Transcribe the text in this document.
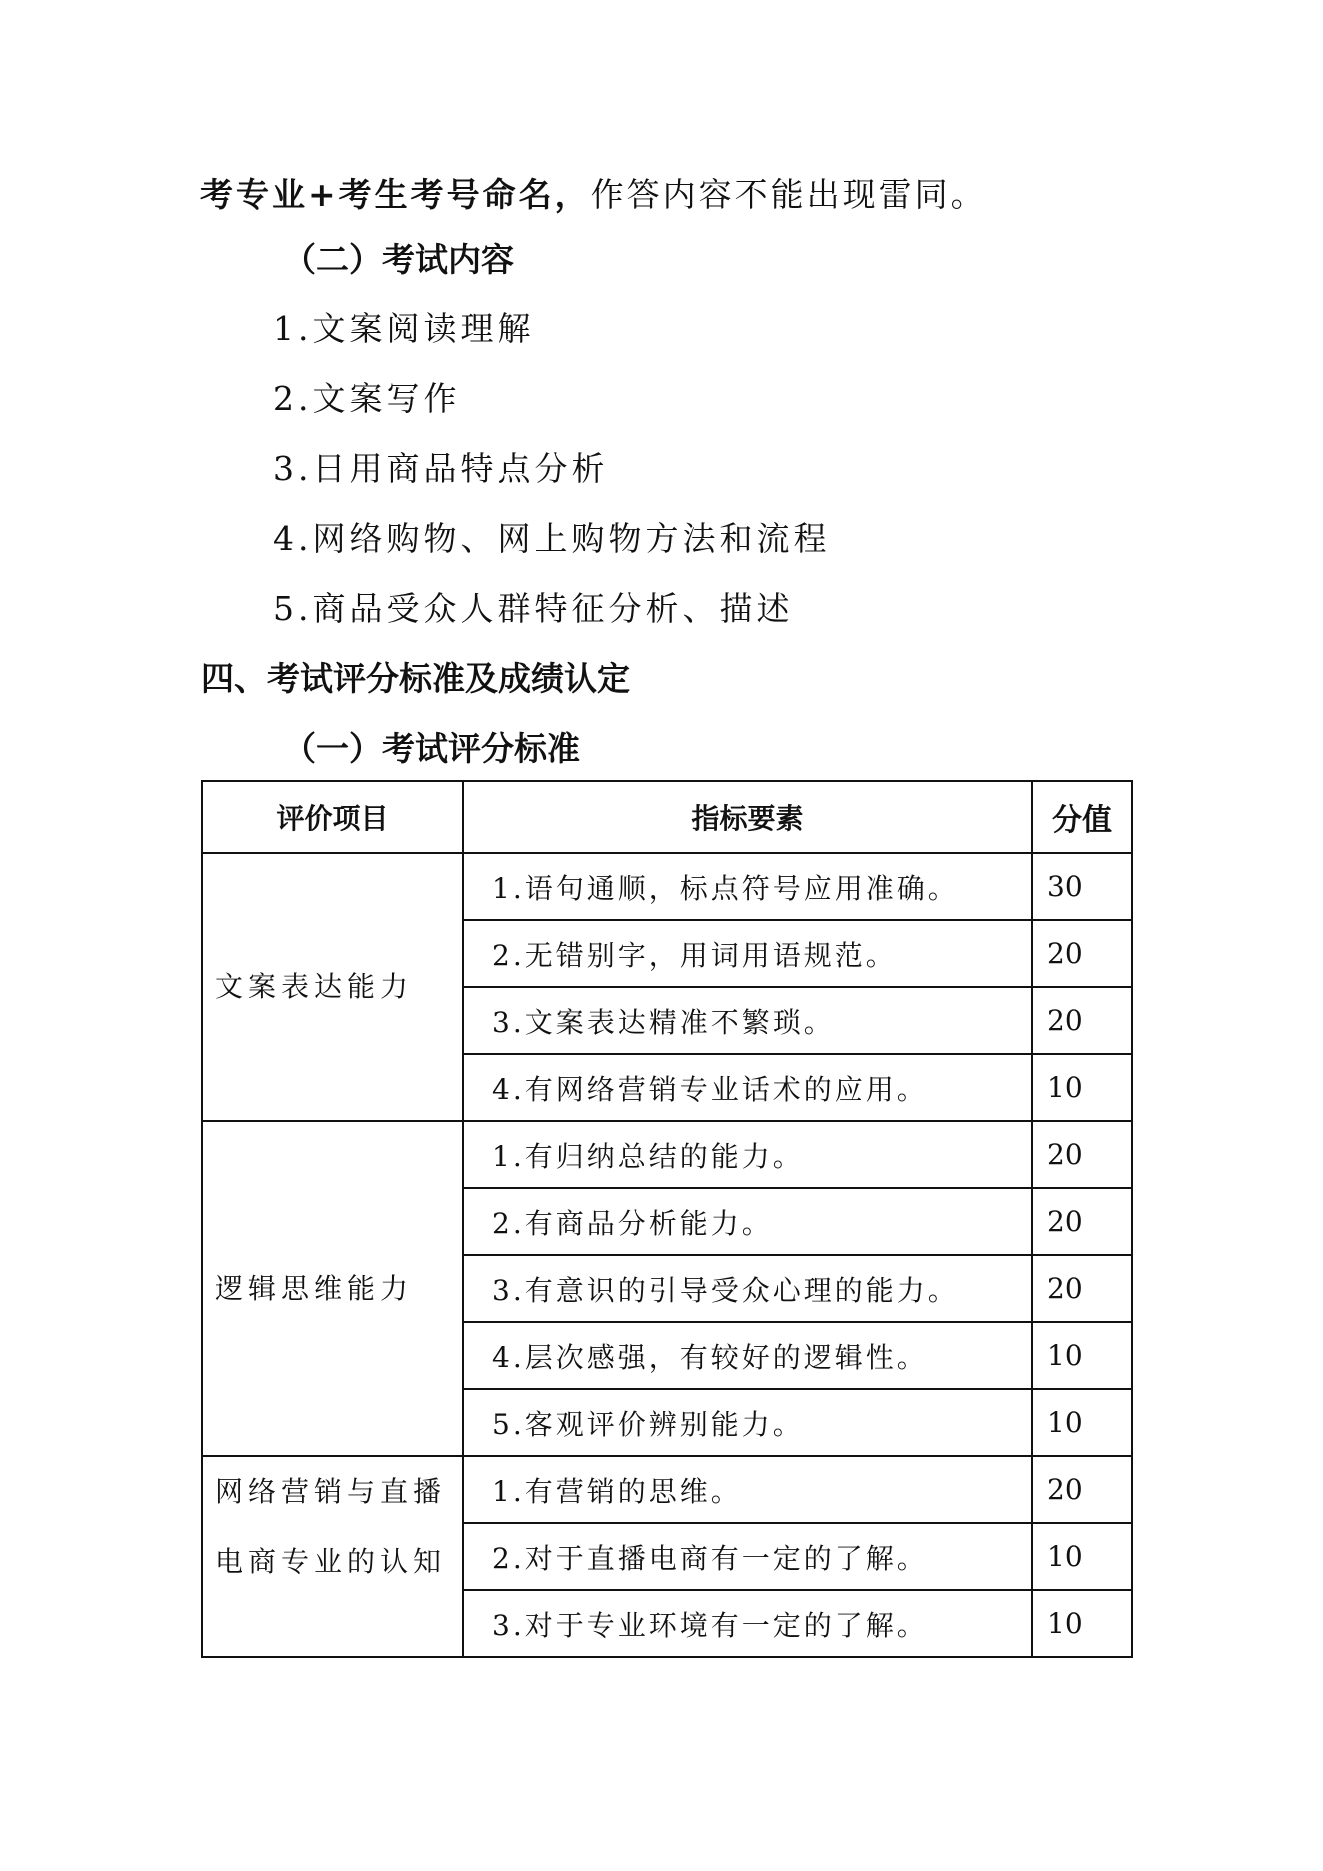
考专业+考生考号命名，作答内容不能出现雷同。
（二）考试内容
1.文案阅读理解
2.文案写作
3.日用商品特点分析
4.网络购物、网上购物方法和流程
5.商品受众人群特征分析、描述
四、考试评分标准及成绩认定
（一）考试评分标准
评价项目	指标要素	分值
文案表达能力	1.语句通顺，标点符号应用准确。	30
	2.无错别字，用词用语规范。	20
	3.文案表达精准不繁琐。	20
	4.有网络营销专业话术的应用。	10
逻辑思维能力	1.有归纳总结的能力。	20
	2.有商品分析能力。	20
	3.有意识的引导受众心理的能力。	20
	4.层次感强，有较好的逻辑性。	10
	5.客观评价辨别能力。	10
网络营销与直播电商专业的认知	1.有营销的思维。	20
	2.对于直播电商有一定的了解。	10
	3.对于专业环境有一定的了解。	10
